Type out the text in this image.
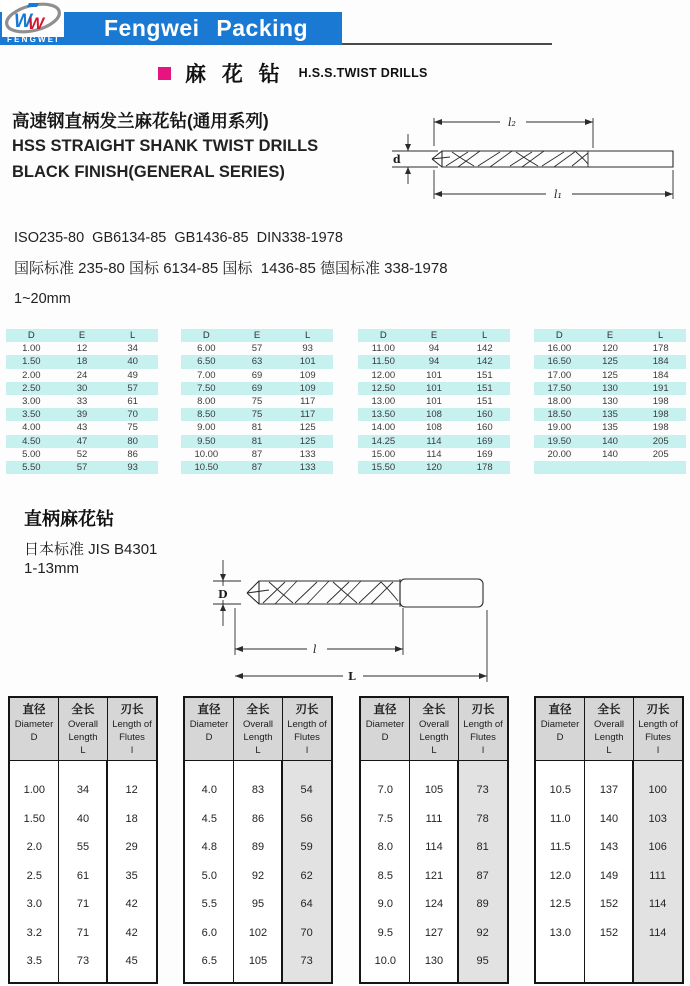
Fengwei Packing
W
W
FENGWEI
麻 花 钻 H.S.S.TWIST DRILLS
高速钢直柄发兰麻花钻(通用系列)
HSS STRAIGHT SHANK TWIST DRILLS
BLACK FINISH(GENERAL SERIES)
d
l₂
l₁
ISO235-80  GB6134-85  GB1436-85  DIN338-1978
国际标准 235-80 国标 6134-85 国标  1436-85 德国标准 338-1978
1~20mm
D	E	L
1.00	12	34
1.50	18	40
2.00	24	49
2.50	30	57
3.00	33	61
3.50	39	70
4.00	43	75
4.50	47	80
5.00	52	86
5.50	57	93
D	E	L
6.00	57	93
6.50	63	101
7.00	69	109
7.50	69	109
8.00	75	117
8.50	75	117
9.00	81	125
9.50	81	125
10.00	87	133
10.50	87	133
D	E	L
11.00	94	142
11.50	94	142
12.00	101	151
12.50	101	151
13.00	101	151
13.50	108	160
14.00	108	160
14.25	114	169
15.00	114	169
15.50	120	178
D	E	L
16.00	120	178
16.50	125	184
17.00	125	184
17.50	130	191
18.00	130	198
18.50	135	198
19.00	135	198
19.50	140	205
20.00	140	205
直柄麻花钻
日本标准 JIS B4301
1-13mm
D
l
L
直径
Diameter
D
全长
Overall
Length
L
刃长
Length of
Flutes
l
1.00	34	12
1.50	40	18
2.0	55	29
2.5	61	35
3.0	71	42
3.2	71	42
3.5	73	45
直径
Diameter
D
全长
Overall
Length
L
刃长
Length of
Flutes
l
4.0	83	54
4.5	86	56
4.8	89	59
5.0	92	62
5.5	95	64
6.0	102	70
6.5	105	73
直径
Diameter
D
全长
Overall
Length
L
刃长
Length of
Flutes
l
7.0	105	73
7.5	111	78
8.0	114	81
8.5	121	87
9.0	124	89
9.5	127	92
10.0	130	95
直径
Diameter
D
全长
Overall
Length
L
刃长
Length of
Flutes
l
10.5	137	100
11.0	140	103
11.5	143	106
12.0	149	111
12.5	152	114
13.0	152	114
